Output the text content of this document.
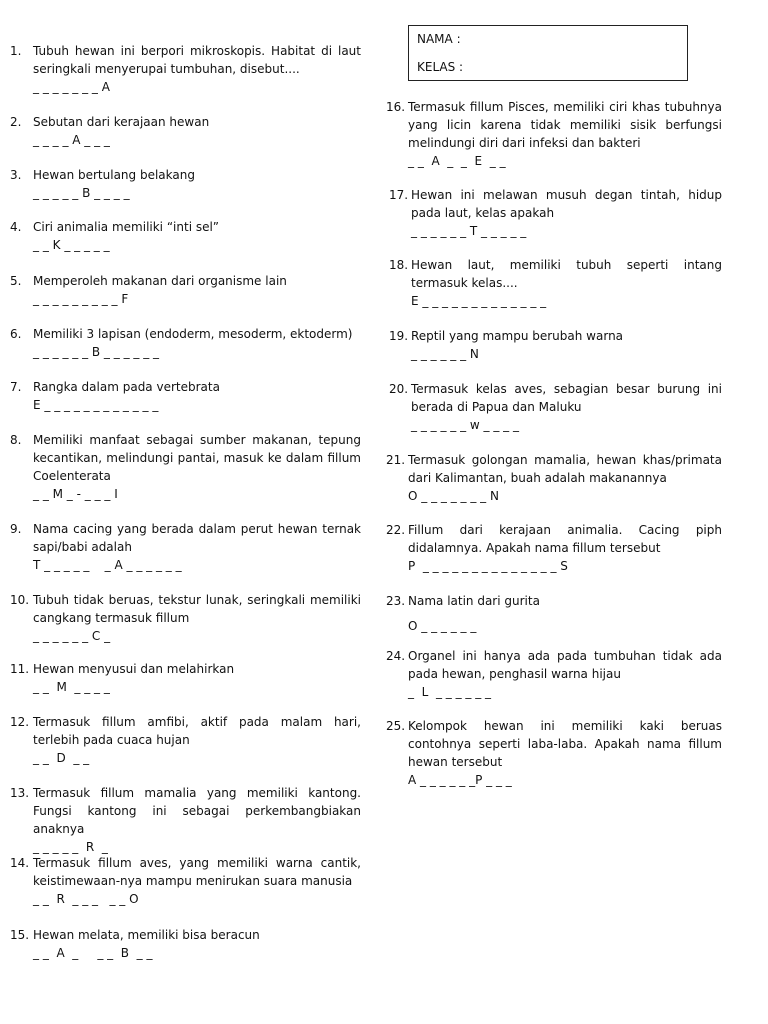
NAMA :
KELAS :
1. Tubuh hewan ini berpori mikroskopis. Habitat di laut seringkali menyerupai tumbuhan, disebut....
_ _ _ _ _ _ _ A
2. Sebutan dari kerajaan hewan
_ _ _ _ A _ _ _
3. Hewan bertulang belakang
_ _ _ _ _ B _ _ _ _
4. Ciri animalia memiliki “inti sel”
_ _ K _ _ _ _ _
5. Memperoleh makanan dari organisme lain
_ _ _ _ _ _ _ _ _ F
6. Memiliki 3 lapisan (endoderm, mesoderm, ektoderm)
_ _ _ _ _ _ B _ _ _ _ _ _
7. Rangka dalam pada vertebrata
E _ _ _ _ _ _ _ _ _ _ _ _
8. Memiliki manfaat sebagai sumber makanan, tepung kecantikan, melindungi pantai, masuk ke dalam fillum Coelenterata
_ _ M _ - _ _ _ I
9. Nama cacing yang berada dalam perut hewan ternak sapi/babi adalah
T _ _ _ _ _    _ A _ _ _ _ _ _
10. Tubuh tidak beruas, tekstur lunak, seringkali memiliki cangkang termasuk fillum
_ _ _ _ _ _ C _
11. Hewan menyusui dan melahirkan
_ _  M  _ _ _ _
12. Termasuk fillum amfibi, aktif pada malam hari, terlebih pada cuaca hujan
_ _  D  _ _
13. Termasuk fillum mamalia yang memiliki kantong. Fungsi kantong ini sebagai perkembangbiakan anaknya
_ _ _ _ _  R  _
14. Termasuk fillum aves, yang memiliki warna cantik, keistimewaan-nya mampu menirukan suara manusia
_ _  R  _ _ _   _ _ O
15. Hewan melata, memiliki bisa beracun
_ _  A  _     _ _  B  _ _
16. Termasuk fillum Pisces, memiliki ciri khas tubuhnya yang licin karena tidak memiliki sisik berfungsi melindungi diri dari infeksi dan bakteri
_ _  A  _  _  E  _ _
17. Hewan ini melawan musuh degan tintah, hidup pada laut, kelas apakah
_ _ _ _ _ _ T _ _ _ _ _
18. Hewan laut, memiliki tubuh seperti intang termasuk kelas....
E _ _ _ _ _ _ _ _ _ _ _ _ _
19. Reptil yang mampu berubah warna
_ _ _ _ _ _ N
20. Termasuk kelas aves, sebagian besar burung ini berada di Papua dan Maluku
_ _ _ _ _ _ w _ _ _ _
21. Termasuk golongan mamalia, hewan khas/primata dari Kalimantan, buah adalah makanannya
O _ _ _ _ _ _ _ N
22. Fillum dari kerajaan animalia. Cacing piph didalamnya. Apakah nama fillum tersebut
P  _ _ _ _ _ _ _ _ _ _ _ _ _ _ S
23. Nama latin dari gurita
O _ _ _ _ _ _
24. Organel ini hanya ada pada tumbuhan tidak ada pada hewan, penghasil warna hijau
_  L  _ _ _ _ _ _
25. Kelompok hewan ini memiliki kaki beruas contohnya seperti laba-laba. Apakah nama fillum hewan tersebut
A _ _ _ _ _ _P _ _ _
